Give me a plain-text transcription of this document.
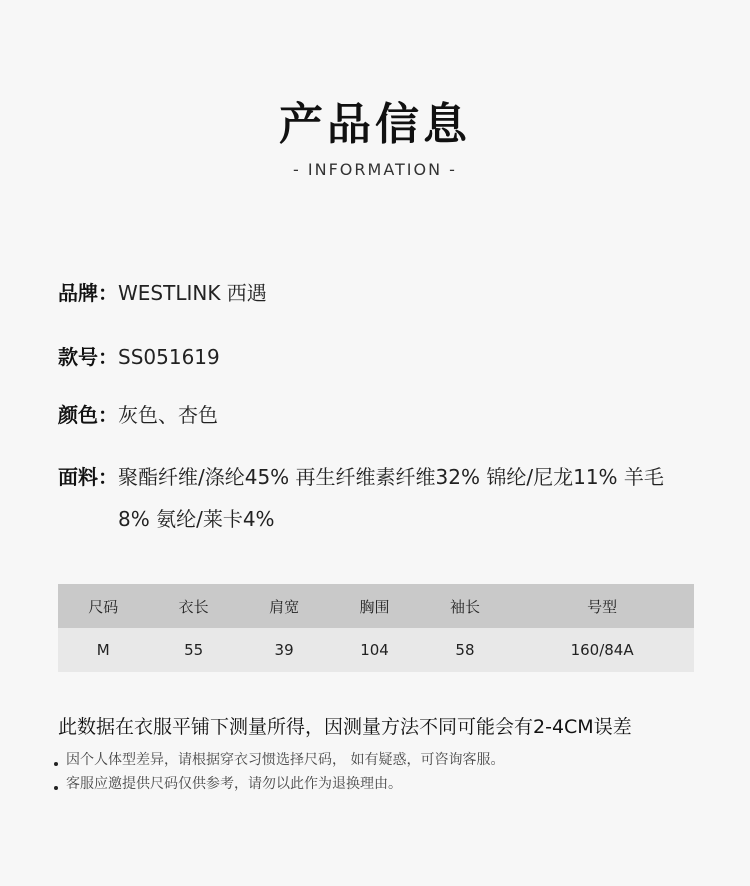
产品信息
- INFORMATION -
品牌： WESTLINK 西遇
款号： SS051619
颜色： 灰色、杏色
面料： 聚酯纤维/涤纶45% 再生纤维素纤维32% 锦纶/尼龙11% 羊毛8% 氨纶/莱卡4%
尺码	衣长	肩宽	胸围	袖长	号型
M	55	39	104	58	160/84A
此数据在衣服平铺下测量所得，因测量方法不同可能会有2-4CM误差
因个人体型差异，请根据穿衣习惯选择尺码， 如有疑惑，可咨询客服。
客服应邀提供尺码仅供参考，请勿以此作为退换理由。
